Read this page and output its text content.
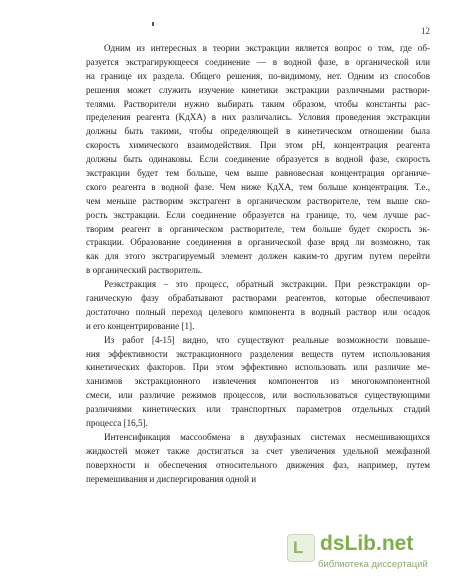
12
Одним из интересных в теории экстракции является вопрос о том, где об-
разуется экстрагирующееся соединение — в водной фазе, в органической или
на границе их раздела. Общего решения, по-видимому, нет. Одним из способов
решения может служить изучение кинетики экстракции различными раствори-
телями. Растворители нужно выбирать таким образом, чтобы константы рас-
пределения реагента (KдХА) в них различались. Условия проведения экстракции
должны быть такими, чтобы определяющей в кинетическом отношении была
скорость химического взаимодействия. При этом pH, концентрация реагента
должны быть одинаковы. Если соединение образуется в водной фазе, скорость
экстракции будет тем больше, чем выше равновесная концентрация органиче-
ского реагента в водной фазе. Чем ниже KдХА, тем больше концентрация. Т.е.,
чем меньше растворим экстрагент в органическом растворителе, тем выше ско-
рость экстракции. Если соединение образуется на границе, то, чем лучше рас-
творим реагент в органическом растворителе, тем больше будет скорость эк-
стракции. Образование соединения в органической фазе вряд ли возможно, так
как для этого экстрагируемый элемент должен каким-то другим путем перейти
в органический растворитель.
Реэкстракция – это процесс, обратный экстракции. При реэкстракции ор-
ганическую фазу обрабатывают растворами реагентов, которые обеспечивают
достаточно полный переход целевого компонента в водный раствор или осадок
и его концентрирование [1].
Из работ [4-15] видно, что существуют реальные возможности повыше-
ния эффективности экстракционного разделения веществ путем использования
кинетических факторов. При этом эффективно использовать или различие ме-
ханизмов экстракционного извлечения компонентов из многокомпонентной
смеси, или различие режимов процессов, или воспользоваться существующими
различиями кинетических или транспортных параметров отдельных стадий
процесса [16,5].
Интенсификация массообмена в двухфазных системах несмешивающихся
жидкостей может также достигаться за счет увеличения удельной межфазной
поверхности и обеспечения относительного движения фаз, например, путем
перемешивания и диспергирования одной и
L dsLib.net
библиотека диссертаций
